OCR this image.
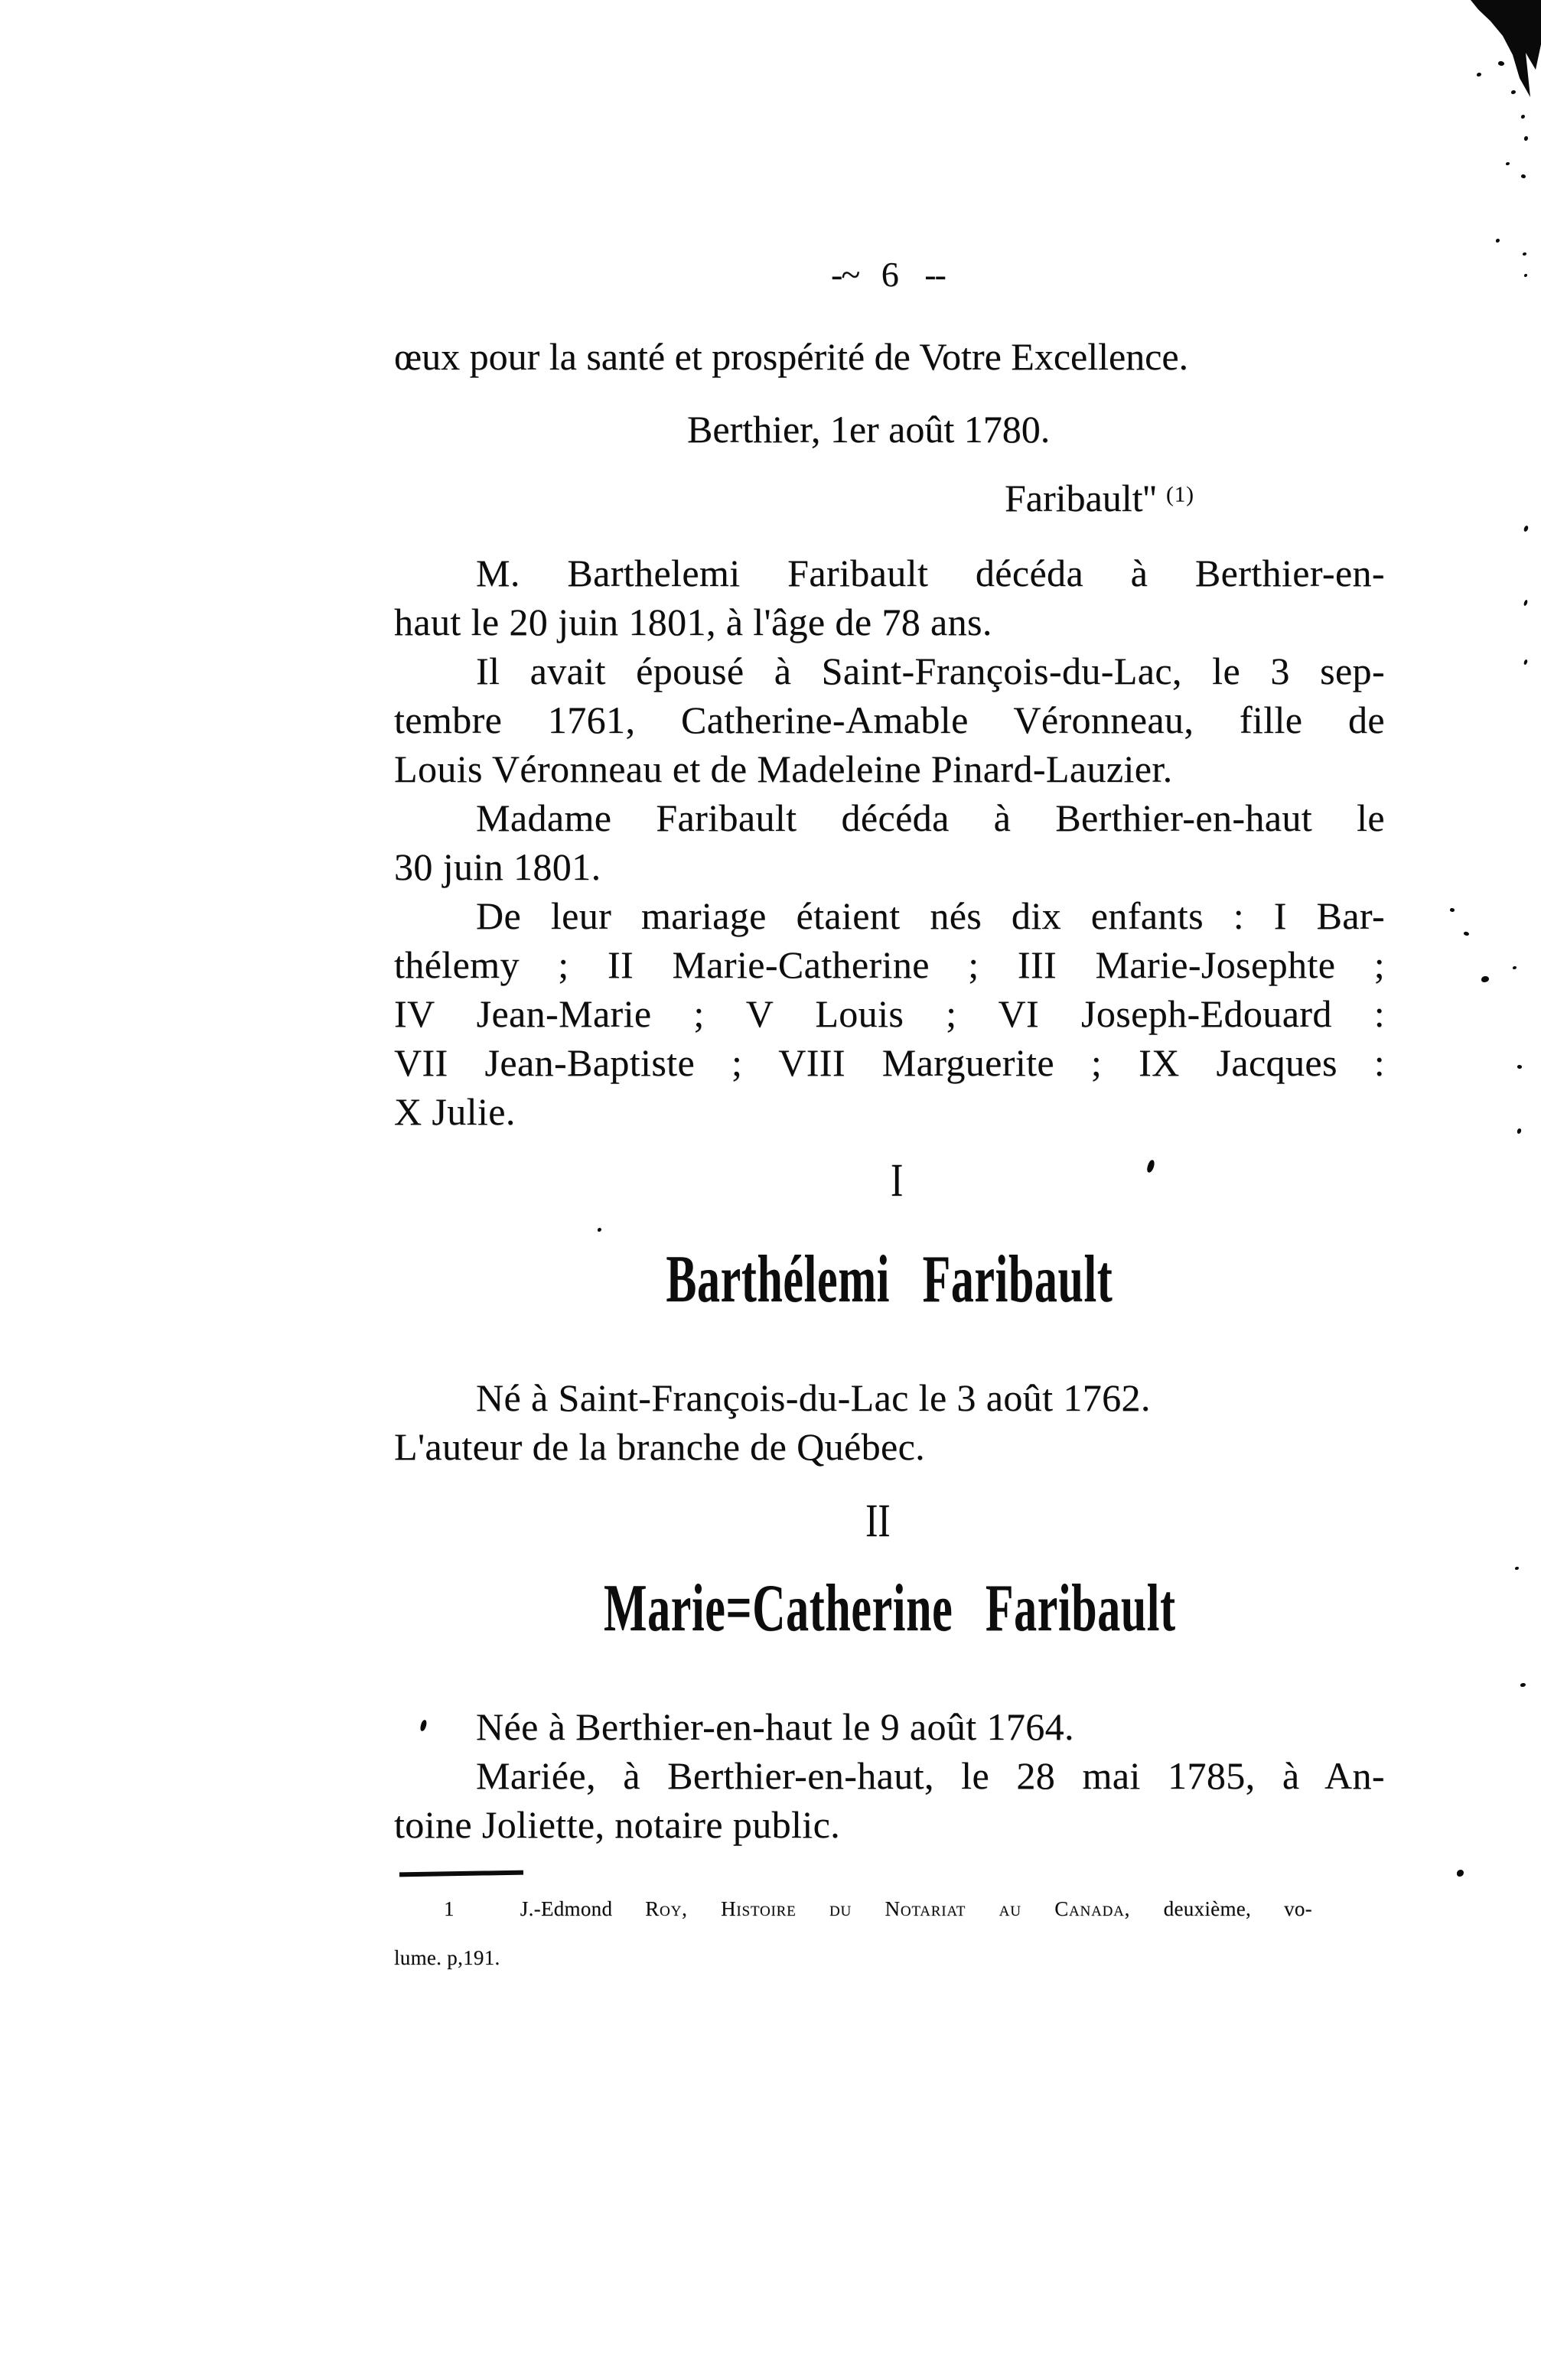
-~ 6 --
œux pour la santé et prospérité de Votre Excellence.
Berthier, 1er août 1780.
Faribault'' $^{(1)}$
M. Barthelemi Faribault décéda à Berthier-en-
haut le 20 juin 1801, à l'âge de 78 ans.
Il avait épousé à Saint-François-du-Lac, le 3 sep-
tembre 1761, Catherine-Amable Véronneau, fille de
Louis Véronneau et de Madeleine Pinard-Lauzier.
Madame Faribault décéda à Berthier-en-haut le
30 juin 1801.
De leur mariage étaient nés dix enfants : I Bar-
thélemy ; II Marie-Catherine ; III Marie-Josephte ;
IV Jean-Marie ; V Louis ; VI Joseph-Edouard :
VII Jean-Baptiste ; VIII Marguerite ; IX Jacques :
X Julie.
I
Barthélemi Faribault
Né à Saint-François-du-Lac le 3 août 1762.
L'auteur de la branche de Québec.
II
Marie=Catherine Faribault
Née à Berthier-en-haut le 9 août 1764.
Mariée, à Berthier-en-haut, le 28 mai 1785, à An-
toine Joliette, notaire public.
1	J.-Edmond Roy, Histoire du Notariat au Canada, deuxième, vo-
lume. p,191.
